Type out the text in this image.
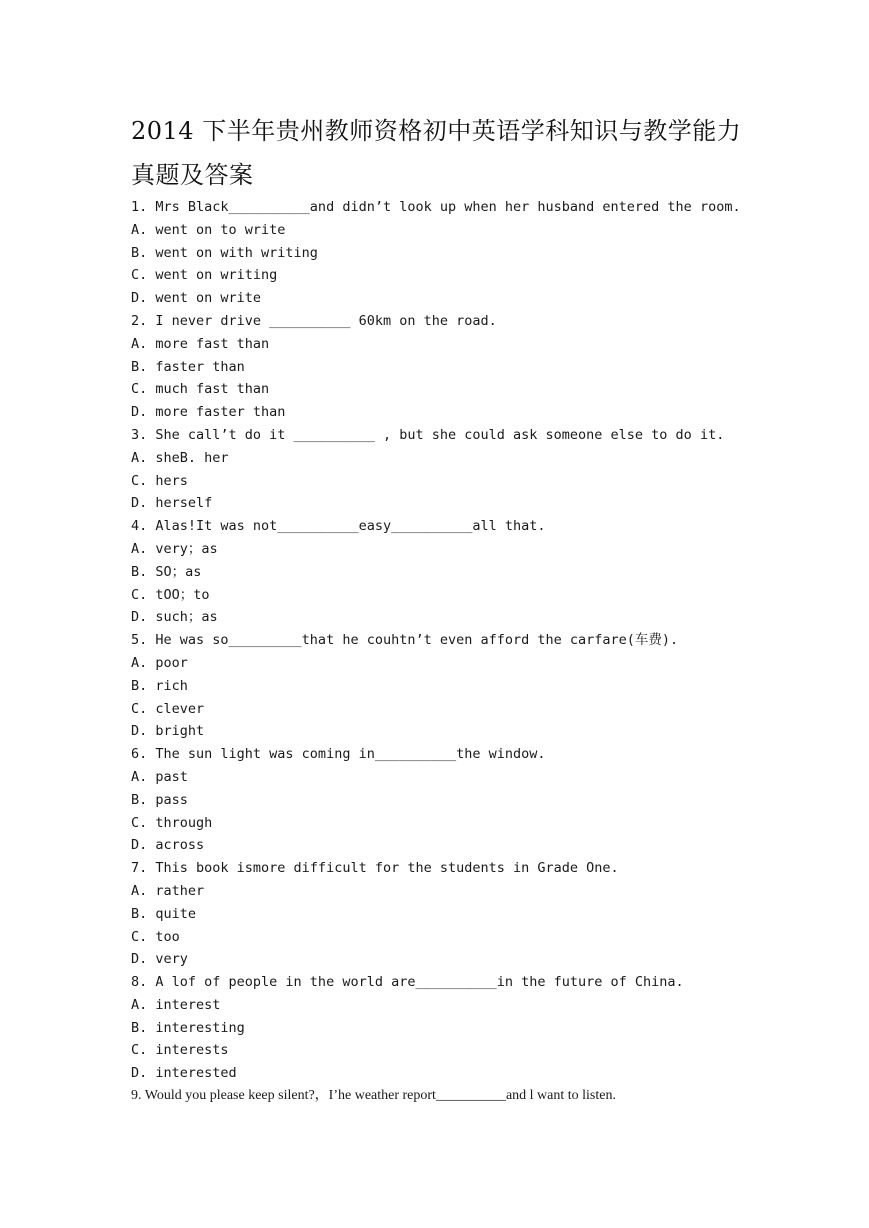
2014 下半年贵州教师资格初中英语学科知识与教学能力真题及答案
1. Mrs Black__________and didn’t look up when her husband entered the room.
A. went on to write
B. went on with writing
C. went on writing
D. went on write
2. I never drive __________ 60km on the road.
A. more fast than
B. faster than
C. much fast than
D. more faster than
3. She call’t do it __________ , but she could ask someone else to do it.
A. sheB. her
C. hers
D. herself
4. Alas!It was not__________easy__________all that.
A. very；as
B. SO；as
C. tOO；to
D. such；as
5. He was so_________that he couhtn’t even afford the carfare(车费).
A. poor
B. rich
C. clever
D. bright
6. The sun light was coming in__________the window.
A. past
B. pass
C. through
D. across
7. This book ismore difficult for the students in Grade One.
A. rather
B. quite
C. too
D. very
8. A lof of people in the world are__________in the future of China.
A. interest
B. interesting
C. interests
D. interested
9. Would you please keep silent?，I’he weather report__________and l want to listen.
